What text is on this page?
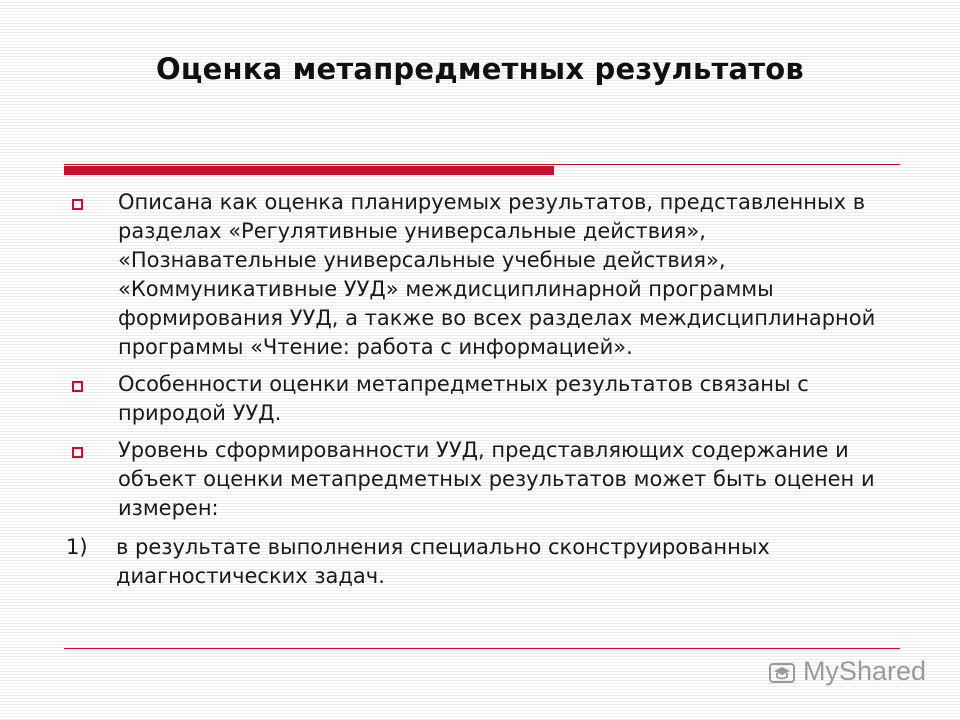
Оценка метапредметных результатов
Описана как оценка планируемых результатов, представленных в разделах «Регулятивные универсальные действия», «Познавательные универсальные учебные действия», «Коммуникативные УУД» междисциплинарной программы формирования УУД, а также во всех разделах междисциплинарной программы «Чтение: работа с информацией».
Особенности оценки метапредметных результатов связаны с природой УУД.
Уровень сформированности УУД, представляющих содержание и объект оценки метапредметных результатов может быть оценен и измерен:
1)	в результате выполнения специально сконструированных диагностических задач.
MyShared
